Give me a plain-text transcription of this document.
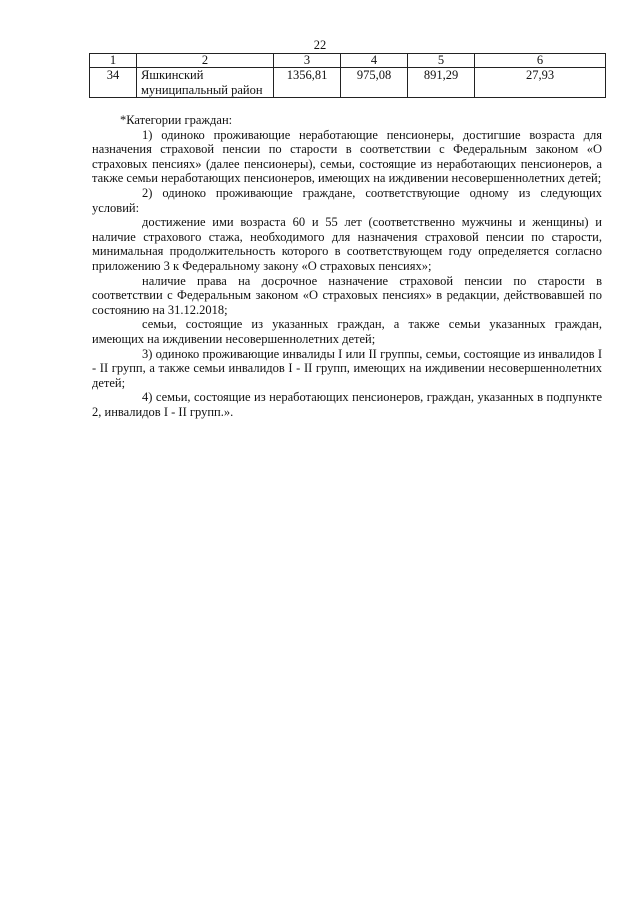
22
1	2	3	4	5	6
34	Яшкинский муниципальный район	1356,81	975,08	891,29	27,93

*Категории граждан:

1) одиноко проживающие неработающие пенсионеры, достигшие возраста для назначения страховой пенсии по старости в соответствии с Федеральным законом «О страховых пенсиях» (далее пенсионеры), семьи, состоящие из неработающих пенсионеров, а также семьи неработающих пенсионеров, имеющих на иждивении несовершеннолетних детей;

2) одиноко проживающие граждане, соответствующие одному из следующих условий:

достижение ими возраста 60 и 55 лет (соответственно мужчины и женщины) и наличие страхового стажа, необходимого для назначения страховой пенсии по старости, минимальная продолжительность которого в соответствующем году определяется согласно приложению 3 к Федеральному закону «О страховых пенсиях»;

наличие права на досрочное назначение страховой пенсии по старости в соответствии с Федеральным законом «О страховых пенсиях» в редакции, действовавшей по состоянию на 31.12.2018;

семьи, состоящие из указанных граждан, а также семьи указанных граждан, имеющих на иждивении несовершеннолетних детей;

3) одиноко проживающие инвалиды I или II группы, семьи, состоящие из инвалидов I - II групп, а также семьи инвалидов I - II групп, имеющих на иждивении несовершеннолетних детей;

4) семьи, состоящие из неработающих пенсионеров, граждан, указанных в подпункте 2, инвалидов I - II групп.».
